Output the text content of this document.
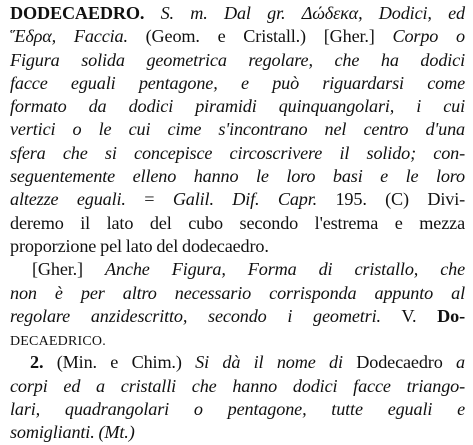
DODECAEDRO. S. m. Dal gr. Δώδεκα, Dodici, ed
Ἕδρα, Faccia. (Geom. e Cristall.) [Gher.] Corpo o
Figura solida geometrica regolare, che ha dodici
facce eguali pentagone, e può riguardarsi come
formato da dodici piramidi quinquangolari, i cui
vertici o le cui cime s'incontrano nel centro d'una
sfera che si concepisce circoscrivere il solido; con-
seguentemente elleno hanno le loro basi e le loro
altezze eguali. = Galil. Dif. Capr. 195. (C) Divi-
deremo il lato del cubo secondo l'estrema e mezza
proporzione pel lato del dodecaedro.
[Gher.] Anche Figura, Forma di cristallo, che
non è per altro necessario corrisponda appunto al
regolare anzidescritto, secondo i geometri. V. Do-
DECAEDRICO.
2. (Min. e Chim.) Si dà il nome di Dodecaedro a
corpi ed a cristalli che hanno dodici facce triango-
lari, quadrangolari o pentagone, tutte eguali e
somiglianti. (Mt.)
